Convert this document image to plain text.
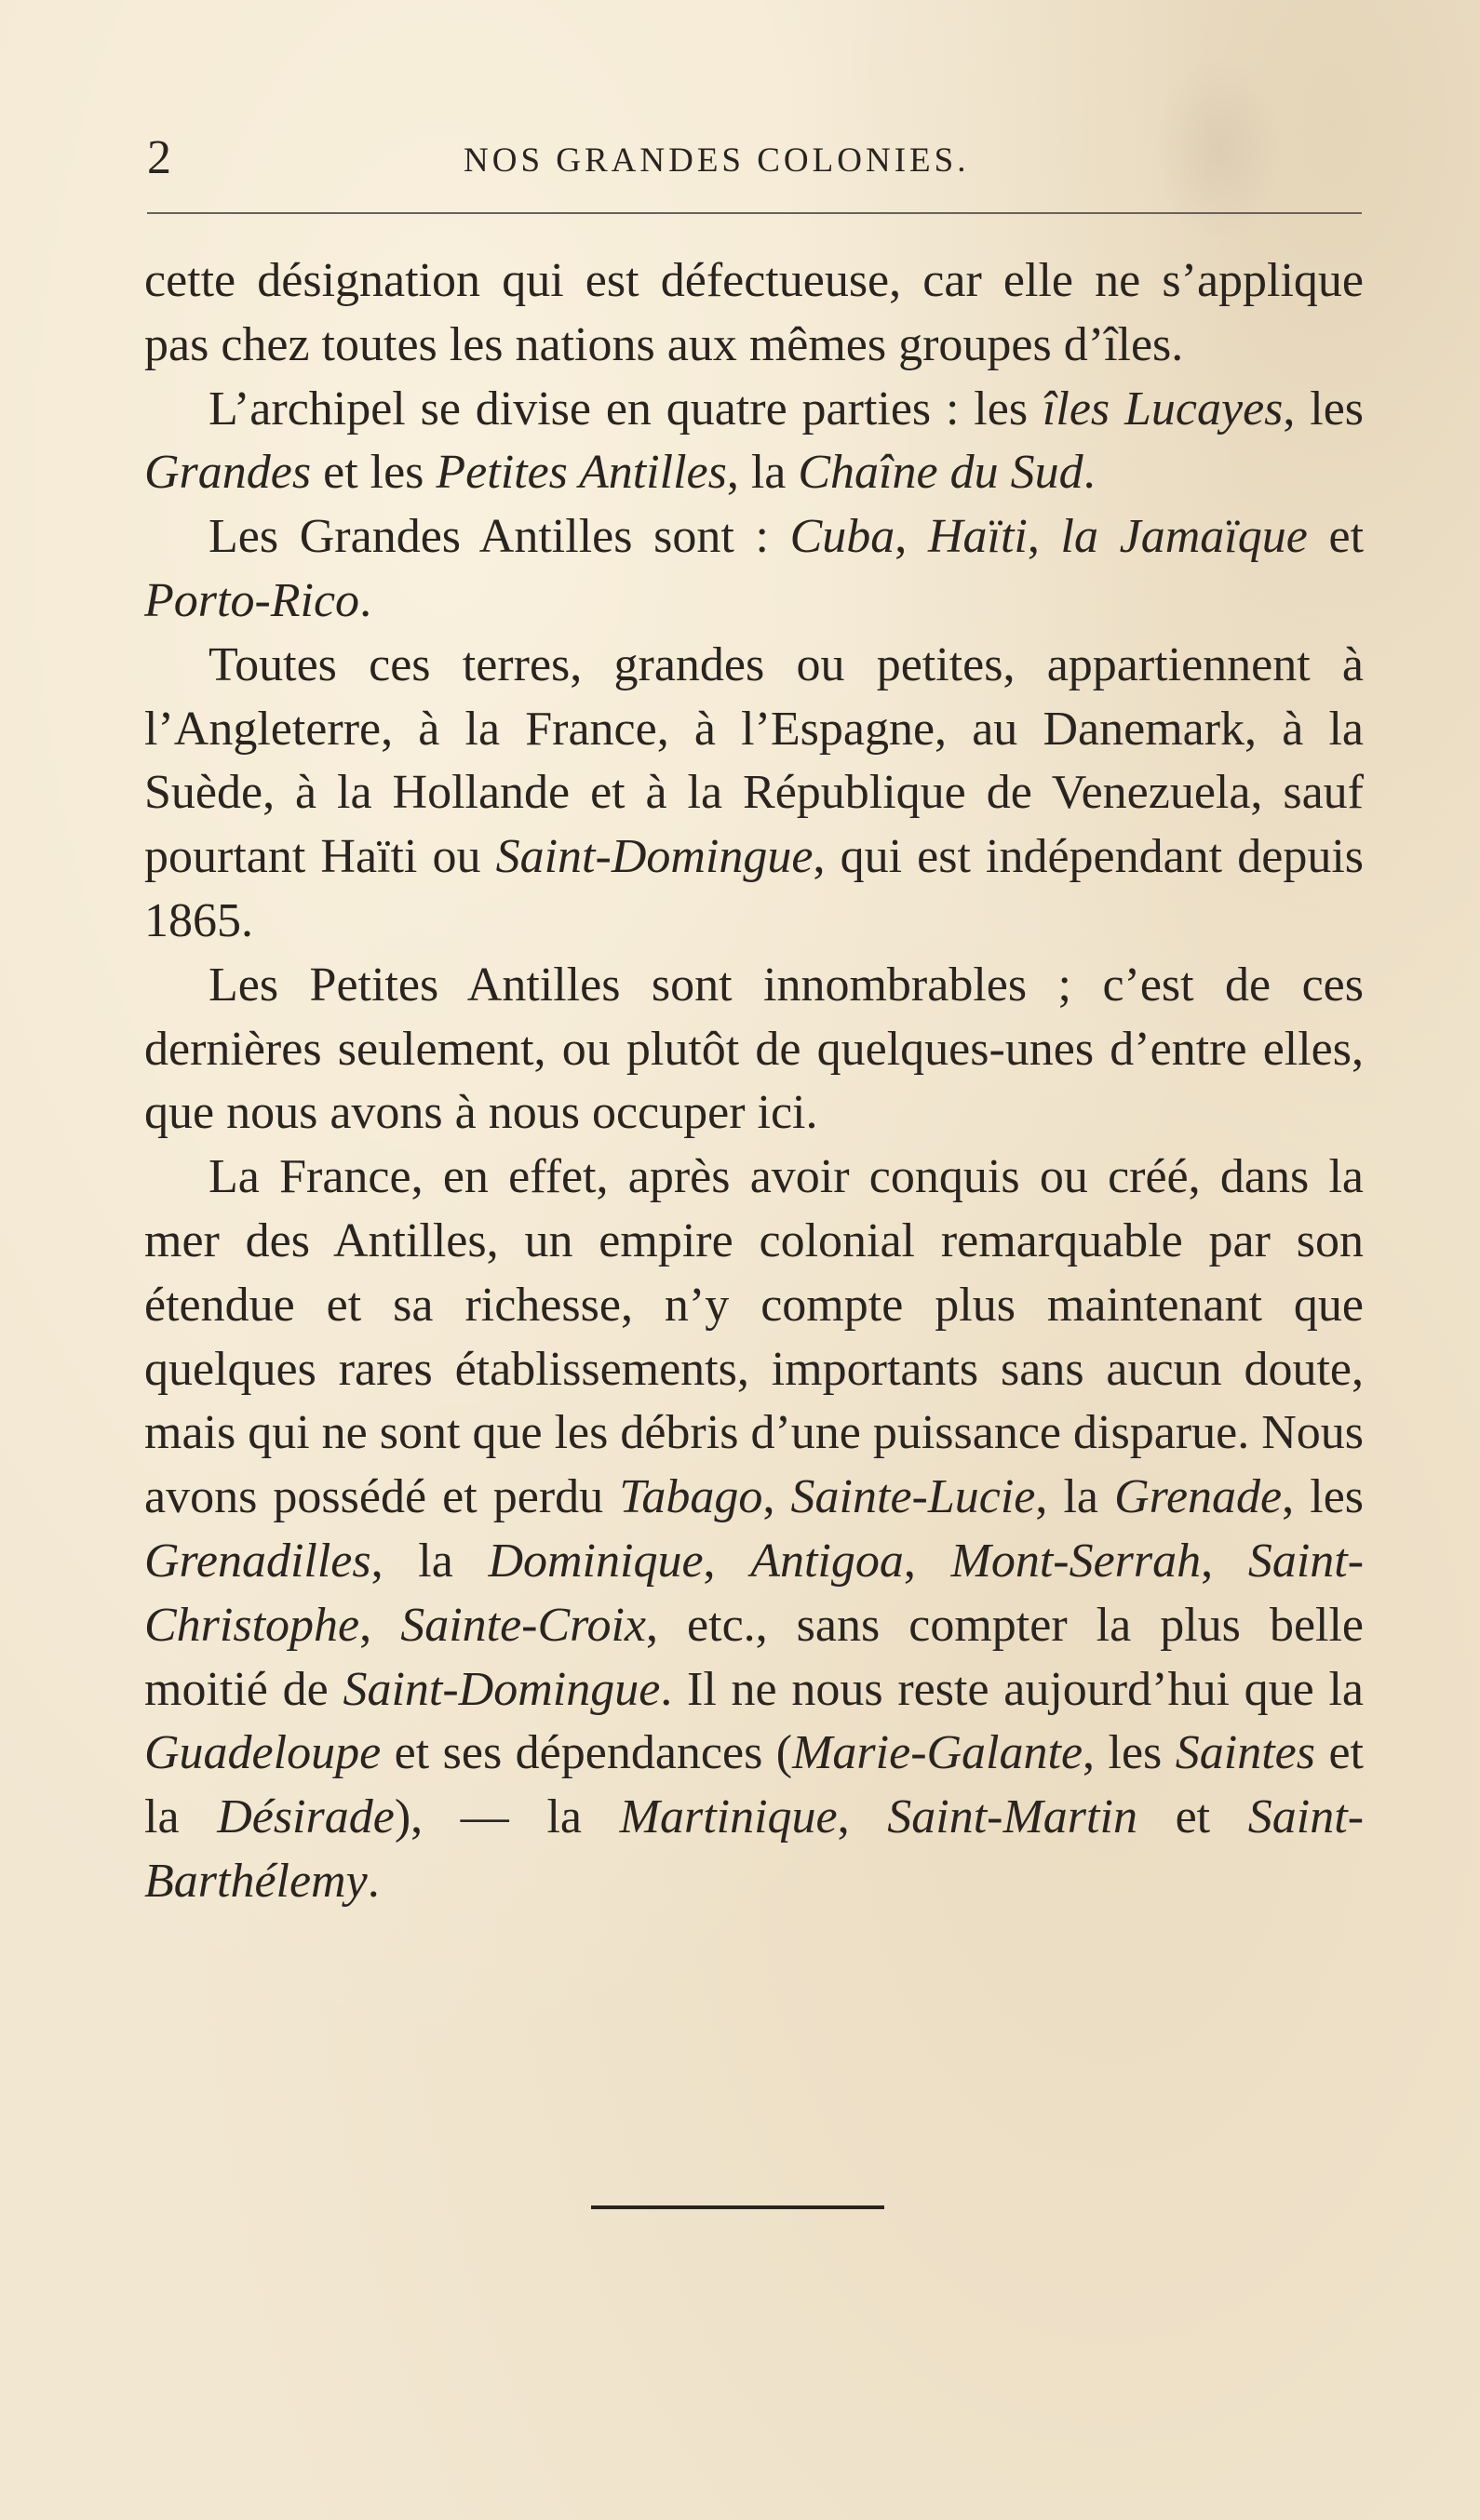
2	NOS GRANDES COLONIES.

cette désignation qui est défectueuse, car elle ne s’applique pas chez toutes les nations aux mêmes groupes d’îles.

L’archipel se divise en quatre parties : les îles Lucayes, les Grandes et les Petites Antilles, la Chaîne du Sud.

Les Grandes Antilles sont : Cuba, Haïti, la Jamaïque et Porto-Rico.

Toutes ces terres, grandes ou petites, appartiennent à l’Angleterre, à la France, à l’Espagne, au Danemark, à la Suède, à la Hollande et à la République de Venezuela, sauf pourtant Haïti ou Saint-Domingue, qui est indépendant depuis 1865.

Les Petites Antilles sont innombrables ; c’est de ces dernières seulement, ou plutôt de quelques-unes d’entre elles, que nous avons à nous occuper ici.

La France, en effet, après avoir conquis ou créé, dans la mer des Antilles, un empire colonial remarquable par son étendue et sa richesse, n’y compte plus maintenant que quelques rares établissements, importants sans aucun doute, mais qui ne sont que les débris d’une puissance disparue. Nous avons possédé et perdu Tabago, Sainte-Lucie, la Grenade, les Grenadilles, la Dominique, Antigoa, Mont-Serrah, Saint-Christophe, Sainte-Croix, etc., sans compter la plus belle moitié de Saint-Domingue. Il ne nous reste aujourd’hui que la Guadeloupe et ses dépendances (Marie-Galante, les Saintes et la Désirade), — la Martinique, Saint-Martin et Saint-Barthélemy.
